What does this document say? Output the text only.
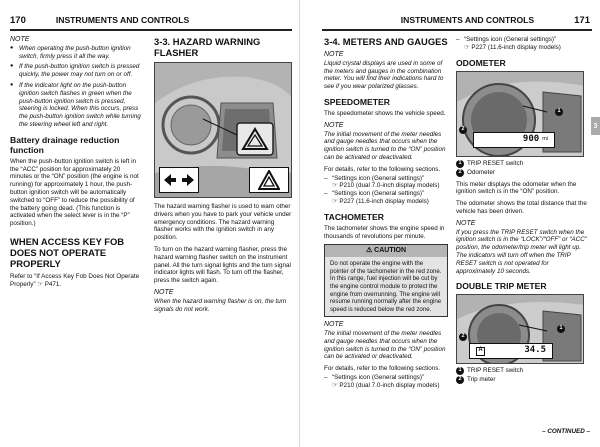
170	INSTRUMENTS AND CONTROLS
NOTE
● When operating the push-button ignition switch, firmly press it all the way.
● If the push-button ignition switch is pressed quickly, the power may not turn on or off.
● If the indicator light on the push-button ignition switch flashes in green when the push-button ignition switch is pressed, steering is locked. When this occurs, press the push-button ignition switch while turning the steering wheel left and right.
Battery drainage reduction function

When the push-button ignition switch is left in the “ACC” position for approximately 20 minutes or the “ON” position (the engine is not running) for approximately 1 hour, the push-button ignition switch will be automatically switched to “OFF” to reduce the possibility of the battery going dead. (This function is activated when the select lever is in the “P” position.)

WHEN ACCESS KEY FOB DOES NOT OPERATE PROPERLY

Refer to “If Access Key Fob Does Not Operate Properly” ☞ P471.

3-3. HAZARD WARNING FLASHER

The hazard warning flasher is used to warn other drivers when you have to park your vehicle under emergency conditions. The hazard warning flasher works with the ignition switch in any position.

To turn on the hazard warning flasher, press the hazard warning flasher switch on the instrument panel. All the turn signal lights and the turn signal indicator lights will flash. To turn off the flasher, press the switch again.

NOTE

When the hazard warning flasher is on, the turn signals do not work.

INSTRUMENTS AND CONTROLS	171
3
3-4. METERS AND GAUGES
NOTE

Liquid crystal displays are used in some of the meters and gauges in the combination meter. You will find their indications hard to see if you wear polarized glasses.

SPEEDOMETER

The speedometer shows the vehicle speed.

NOTE

The initial movement of the meter needles and gauge needles that occurs when the ignition switch is turned to the “ON” position can be activated or deactivated.

For details, refer to the following sections.

– “Settings icon (General settings)”
☞ P210 (dual 7.0-inch display models)
– “Settings icon (General settings)”
☞ P227 (11.6-inch display models)
TACHOMETER

The tachometer shows the engine speed in thousands of revolutions per minute.

⚠ CAUTION
Do not operate the engine with the pointer of the tachometer in the red zone. In this range, fuel injection will be cut by the engine control module to protect the engine from overrunning. The engine will resume running normally after the engine speed is reduced below the red zone.
NOTE

The initial movement of the meter needles and gauge needles that occurs when the ignition switch is turned to the “ON” position can be activated or deactivated.

For details, refer to the following sections.

– “Settings icon (General settings)”
☞ P210 (dual 7.0-inch display models)
– “Settings icon (General settings)”
☞ P227 (11.6-inch display models)
ODOMETER
1
2
900 mi
1 TRIP RESET switch
2 Odometer

This meter displays the odometer when the ignition switch is in the “ON” position.

The odometer shows the total distance that the vehicle has been driven.

NOTE

If you press the TRIP RESET switch when the ignition switch is in the “LOCK”/“OFF” or “ACC” position, the odometer/trip meter will light up. The indicators will turn off when the TRIP RESET switch is not operated for approximately 10 seconds.

DOUBLE TRIP METER
1
2
A	34.5
1 TRIP RESET switch
2 Trip meter
– CONTINUED –
